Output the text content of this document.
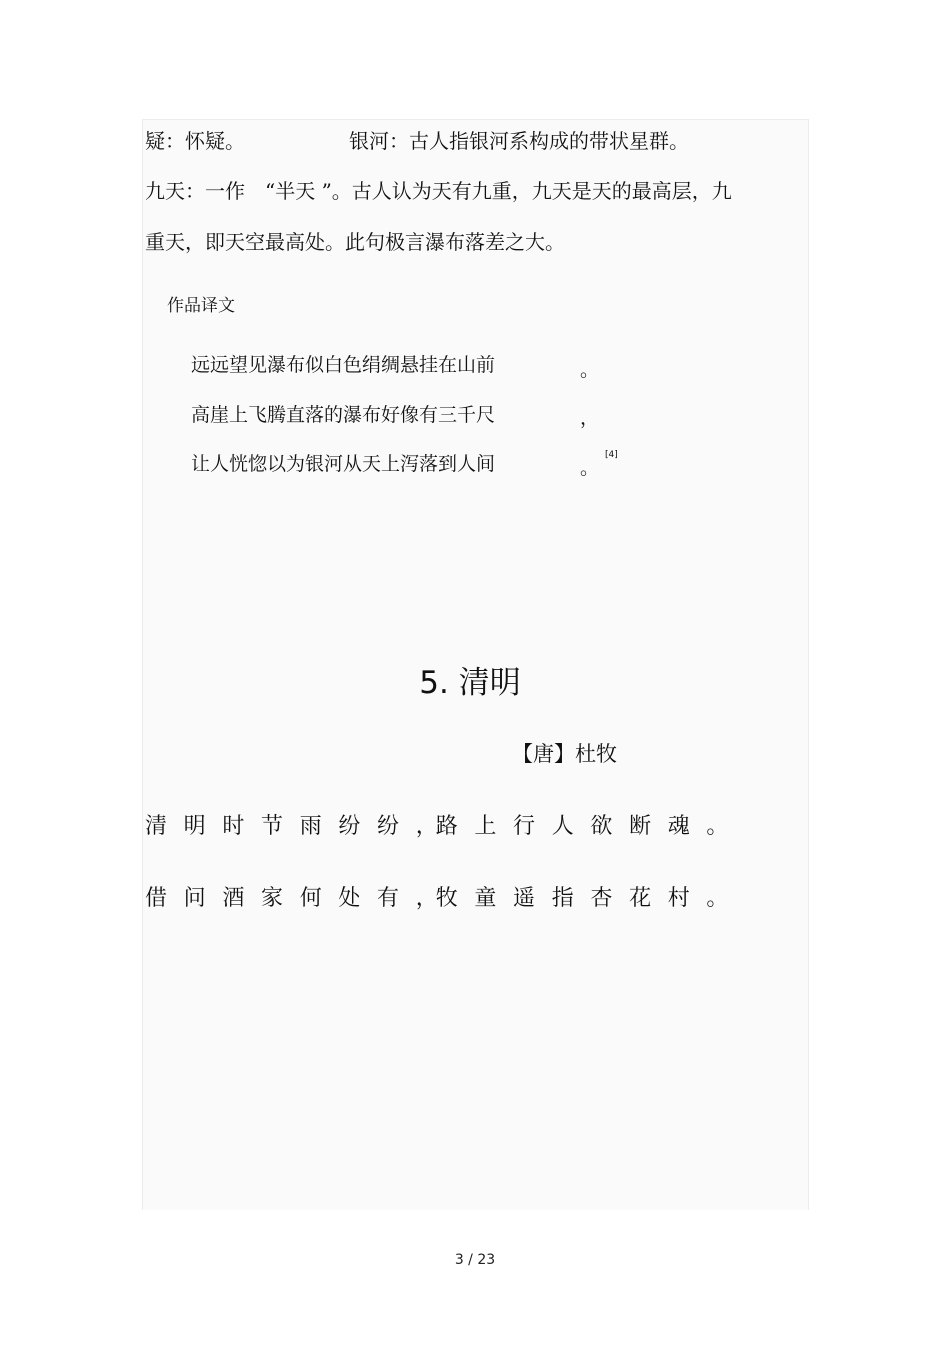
疑：怀疑。	银河：古人指银河系构成的带状星群。
九天：一作　“半天 ”。古人认为天有九重，九天是天的最高层，九
重天，即天空最高处。此句极言瀑布落差之大。
作品译文
远远望见瀑布似白色绢绸悬挂在山前	。
高崖上飞腾直落的瀑布好像有三千尺	，
让人恍惚以为银河从天上泻落到人间	。
[4]
5. 清明
【唐】杜牧
清 明 时 节 雨 纷 纷 ，
路 上 行 人 欲 断 魂 。
借 问 酒 家 何 处 有 ，
牧 童 遥 指 杏 花 村 。
3 / 23
